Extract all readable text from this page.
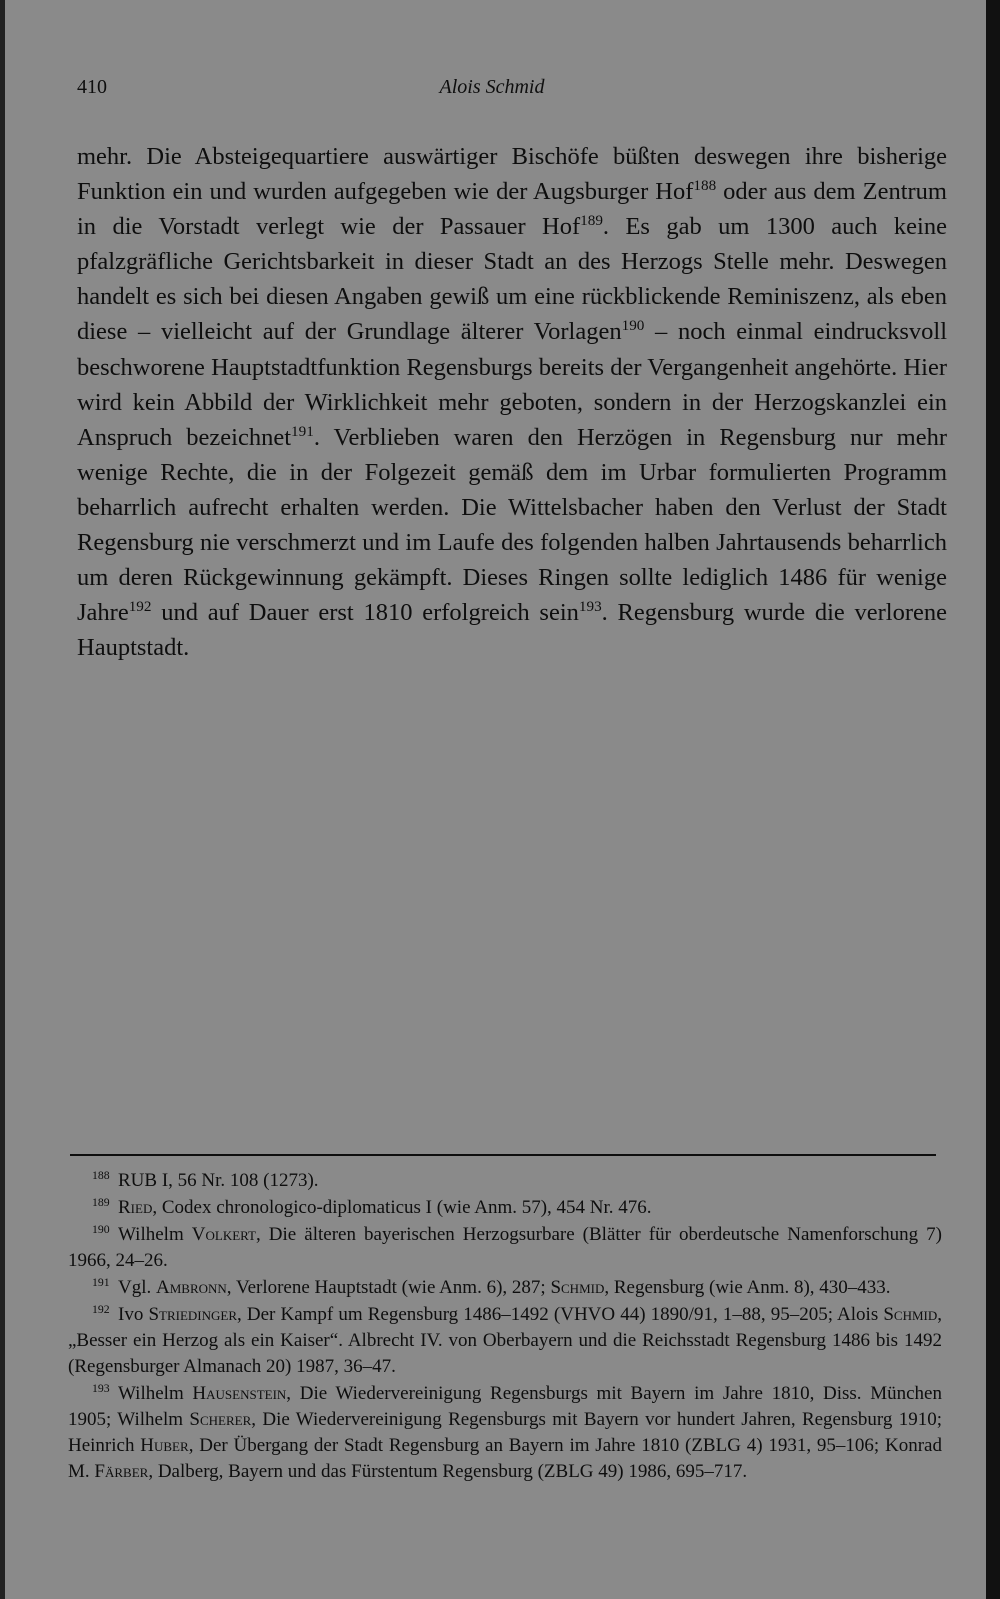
410	Alois Schmid

mehr. Die Absteigequartiere auswärtiger Bischöfe büßten deswegen ihre bisherige Funktion ein und wurden aufgegeben wie der Augsburger Hof$^{188}$ oder aus dem Zentrum in die Vorstadt verlegt wie der Passauer Hof$^{189}$. Es gab um 1300 auch keine pfalzgräfliche Gerichtsbarkeit in dieser Stadt an des Herzogs Stelle mehr. Deswegen handelt es sich bei diesen Angaben gewiß um eine rückblickende Reminiszenz, als eben diese – vielleicht auf der Grundlage älterer Vorlagen$^{190}$ – noch einmal eindrucksvoll beschworene Hauptstadtfunktion Regensburgs bereits der Vergangenheit angehörte. Hier wird kein Abbild der Wirklichkeit mehr geboten, sondern in der Herzogskanzlei ein Anspruch bezeichnet$^{191}$. Verblieben waren den Herzögen in Regensburg nur mehr wenige Rechte, die in der Folgezeit gemäß dem im Urbar formulierten Programm beharrlich aufrecht erhalten werden. Die Wittelsbacher haben den Verlust der Stadt Regensburg nie verschmerzt und im Laufe des folgenden halben Jahrtausends beharrlich um deren Rückgewinnung gekämpft. Dieses Ringen sollte lediglich 1486 für wenige Jahre$^{192}$ und auf Dauer erst 1810 erfolgreich sein$^{193}$. Regensburg wurde die verlorene Hauptstadt.

$^{188}$ RUB I, 56 Nr. 108 (1273).

$^{189}$ Ried, Codex chronologico-diplomaticus I (wie Anm. 57), 454 Nr. 476.

$^{190}$ Wilhelm Volkert, Die älteren bayerischen Herzogsurbare (Blätter für oberdeutsche Namenforschung 7) 1966, 24–26.

$^{191}$ Vgl. Ambronn, Verlorene Hauptstadt (wie Anm. 6), 287; Schmid, Regensburg (wie Anm. 8), 430–433.

$^{192}$ Ivo Striedinger, Der Kampf um Regensburg 1486–1492 (VHVO 44) 1890/91, 1–88, 95–205; Alois Schmid, „Besser ein Herzog als ein Kaiser“. Albrecht IV. von Oberbayern und die Reichsstadt Regensburg 1486 bis 1492 (Regensburger Almanach 20) 1987, 36–47.

$^{193}$ Wilhelm Hausenstein, Die Wiedervereinigung Regensburgs mit Bayern im Jahre 1810, Diss. München 1905; Wilhelm Scherer, Die Wiedervereinigung Regensburgs mit Bayern vor hundert Jahren, Regensburg 1910; Heinrich Huber, Der Übergang der Stadt Regensburg an Bayern im Jahre 1810 (ZBLG 4) 1931, 95–106; Konrad M. Färber, Dalberg, Bayern und das Fürstentum Regensburg (ZBLG 49) 1986, 695–717.
